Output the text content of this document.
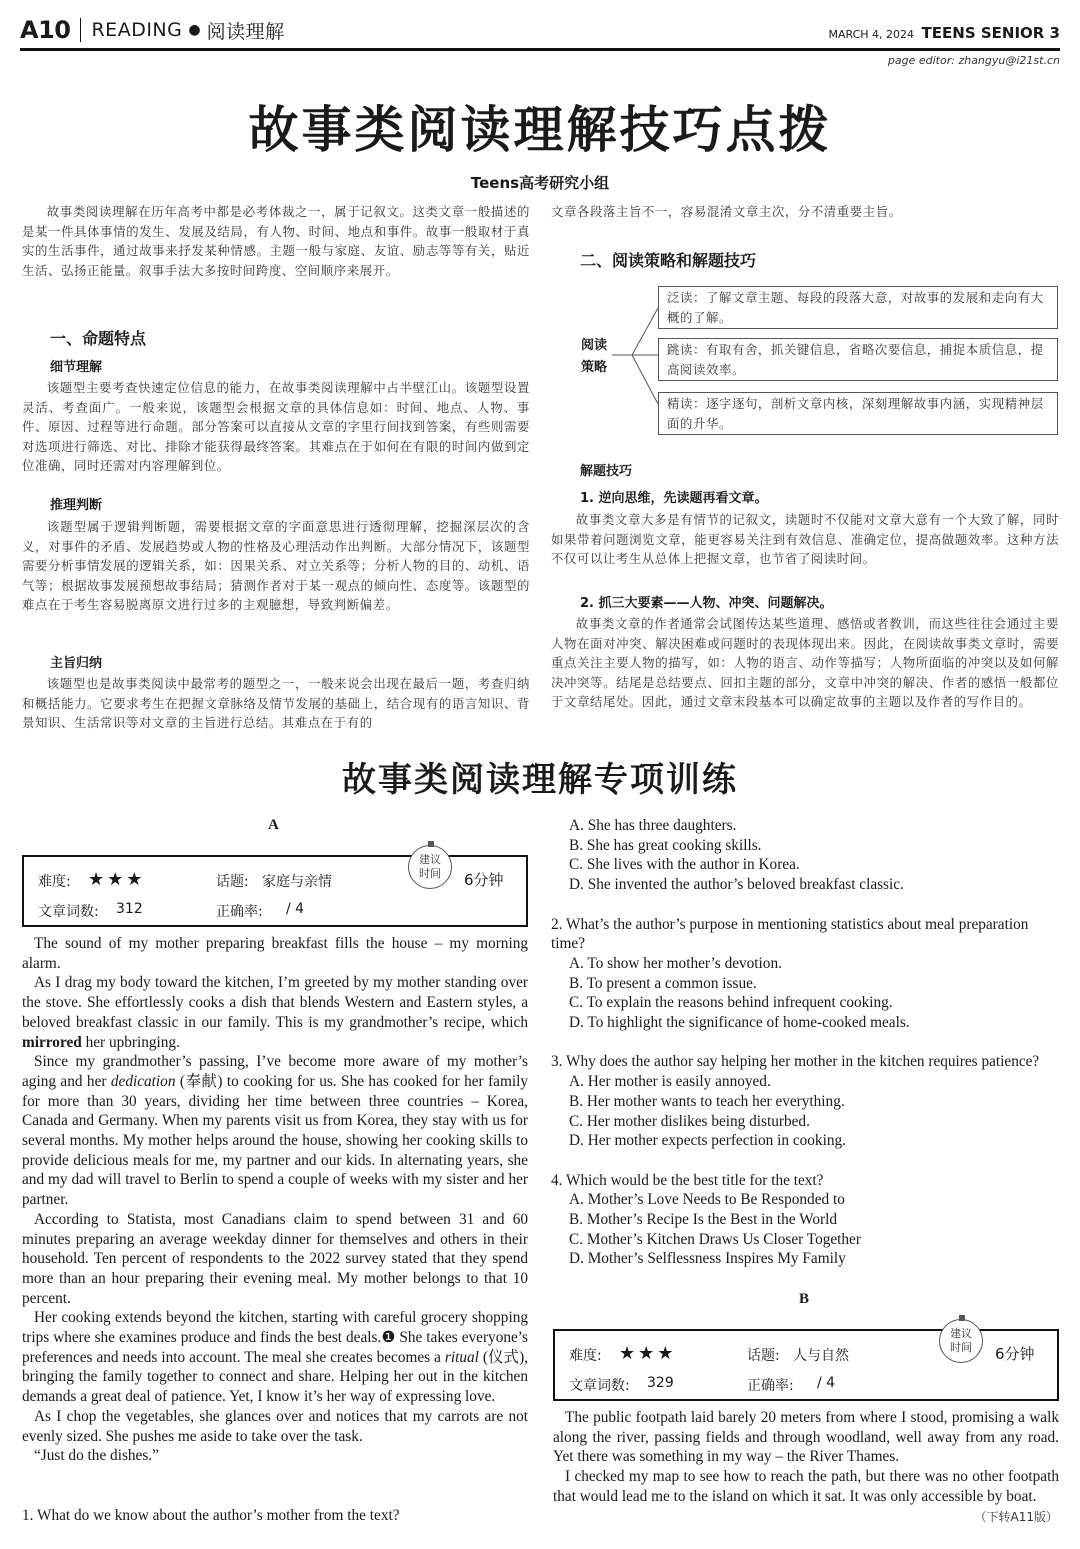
A10 READING ● 阅读理解	MARCH 4, 2024 TEENS SENIOR 3
page editor: zhangyu@i21st.cn
故事类阅读理解技巧点拨
Teens高考研究小组

故事类阅读理解在历年高考中都是必考体裁之一，属于记叙文。这类文章一般描述的是某一件具体事情的发生、发展及结局，有人物、时间、地点和事件。故事一般取材于真实的生活事件，通过故事来抒发某种情感。主题一般与家庭、友谊、励志等等有关，贴近生活、弘扬正能量。叙事手法大多按时间跨度、空间顺序来展开。

一、命题特点
细节理解

该题型主要考查快速定位信息的能力，在故事类阅读理解中占半壁江山。该题型设置灵活、考查面广。一般来说，该题型会根据文章的具体信息如：时间、地点、人物、事件、原因、过程等进行命题。部分答案可以直接从文章的字里行间找到答案，有些则需要对选项进行筛选、对比、排除才能获得最终答案。其难点在于如何在有限的时间内做到定位准确，同时还需对内容理解到位。

推理判断

该题型属于逻辑判断题，需要根据文章的字面意思进行透彻理解，挖掘深层次的含义，对事件的矛盾、发展趋势或人物的性格及心理活动作出判断。大部分情况下，该题型需要分析事情发展的逻辑关系，如：因果关系、对立关系等；分析人物的目的、动机、语气等；根据故事发展预想故事结局；猜测作者对于某一观点的倾向性、态度等。该题型的难点在于考生容易脱离原文进行过多的主观臆想，导致判断偏差。

主旨归纳

该题型也是故事类阅读中最常考的题型之一，一般来说会出现在最后一题，考查归纳和概括能力。它要求考生在把握文章脉络及情节发展的基础上，结合现有的语言知识、背景知识、生活常识等对文章的主旨进行总结。其难点在于有的

文章各段落主旨不一，容易混淆文章主次，分不清重要主旨。

二、阅读策略和解题技巧
阅读
策略
泛读：了解文章主题、每段的段落大意，对故事的发展和走向有大概的了解。
跳读：有取有舍，抓关键信息，省略次要信息，捕捉本质信息，提高阅读效率。
精读：逐字逐句，剖析文章内核，深刻理解故事内涵，实现精神层面的升华。
解题技巧
1. 逆向思维，先读题再看文章。

故事类文章大多是有情节的记叙文，读题时不仅能对文章大意有一个大致了解，同时如果带着问题浏览文章，能更容易关注到有效信息、准确定位，提高做题效率。这种方法不仅可以让考生从总体上把握文章，也节省了阅读时间。

2. 抓三大要素——人物、冲突、问题解决。

故事类文章的作者通常会试图传达某些道理、感悟或者教训，而这些往往会通过主要人物在面对冲突、解决困难或问题时的表现体现出来。因此，在阅读故事类文章时，需要重点关注主要人物的描写，如：人物的语言、动作等描写；人物所面临的冲突以及如何解决冲突等。结尾是总结要点、回扣主题的部分，文章中冲突的解决、作者的感悟一般都位于文章结尾处。因此，通过文章末段基本可以确定故事的主题以及作者的写作目的。

故事类阅读理解专项训练
A
难度: ★★★	话题: 家庭与亲情	6分钟
文章词数: 312	正确率: / 4
建议
时间

The sound of my mother preparing breakfast fills the house – my morning alarm.

As I drag my body toward the kitchen, I’m greeted by my mother standing over the stove. She effortlessly cooks a dish that blends Western and Eastern styles, a beloved breakfast classic in our family. This is my grandmother’s recipe, which mirrored her upbringing.

Since my grandmother’s passing, I’ve become more aware of my mother’s aging and her dedication (奉献) to cooking for us. She has cooked for her family for more than 30 years, dividing her time between three countries – Korea, Canada and Germany. When my parents visit us from Korea, they stay with us for several months. My mother helps around the house, showing her cooking skills to provide delicious meals for me, my partner and our kids. In alternating years, she and my dad will travel to Berlin to spend a couple of weeks with my sister and her partner.

According to Statista, most Canadians claim to spend between 31 and 60 minutes preparing an average weekday dinner for themselves and others in their household. Ten percent of respondents to the 2022 survey stated that they spend more than an hour preparing their evening meal. My mother belongs to that 10 percent.

Her cooking extends beyond the kitchen, starting with careful grocery shopping trips where she examines produce and finds the best deals.❶ She takes everyone’s preferences and needs into account. The meal she creates becomes a ritual (仪式), bringing the family together to connect and share. Helping her out in the kitchen demands a great deal of patience. Yet, I know it’s her way of expressing love.

As I chop the vegetables, she glances over and notices that my carrots are not evenly sized. She pushes me aside to take over the task.

“Just do the dishes.”

1. What do we know about the author’s mother from the text?
A. She has three daughters.
B. She has great cooking skills.
C. She lives with the author in Korea.
D. She invented the author’s beloved breakfast classic.
2. What’s the author’s purpose in mentioning statistics about meal preparation time?
A. To show her mother’s devotion.
B. To present a common issue.
C. To explain the reasons behind infrequent cooking.
D. To highlight the significance of home-cooked meals.
3. Why does the author say helping her mother in the kitchen requires patience?
A. Her mother is easily annoyed.
B. Her mother wants to teach her everything.
C. Her mother dislikes being disturbed.
D. Her mother expects perfection in cooking.
4. Which would be the best title for the text?
A. Mother’s Love Needs to Be Responded to
B. Mother’s Recipe Is the Best in the World
C. Mother’s Kitchen Draws Us Closer Together
D. Mother’s Selflessness Inspires My Family
B
难度: ★★★	话题: 人与自然	6分钟
文章词数: 329	正确率: / 4
建议
时间

The public footpath laid barely 20 meters from where I stood, promising a walk along the river, passing fields and through woodland, well away from any road. Yet there was something in my way – the River Thames.

I checked my map to see how to reach the path, but there was no other footpath that would lead me to the island on which it sat. It was only accessible by boat.

（下转A11版）
